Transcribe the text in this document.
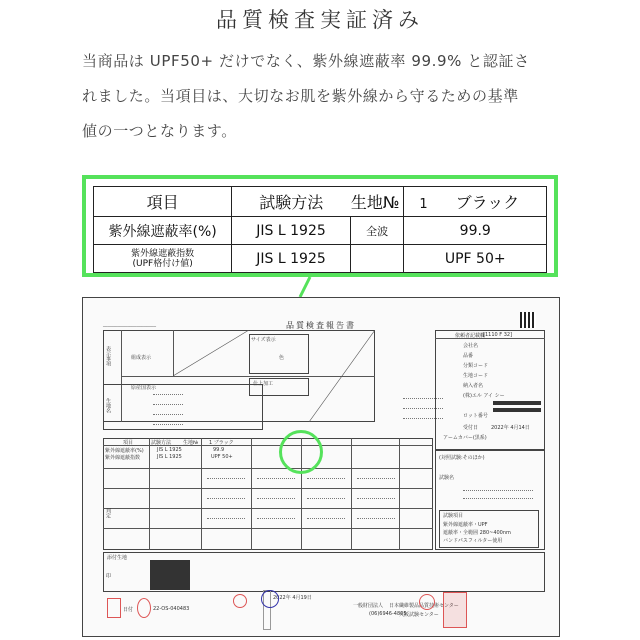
品質検査実証済み
当商品は UPF50+ だけでなく、紫外線遮蔽率 99.9% と認証さ
れました。当項目は、大切なお肌を紫外線から守るための基準
値の一つとなります。
項目	試験方法	生地№	1 ブラック
紫外線遮蔽率(%)	JIS L 1925	全波	99.9

紫外線遮蔽指数
(UPF格付け値)	JIS L 1925		UPF 50+
──────────────────────	品質検査報告書
[1110 F 32]
表示事項	組成表示
原産国表示
サイズ表示
色
仕上加工
生地名
依頼者記載欄
会社名
品番
分類コード
生地コード
納入者名
(株)エル アイ シー
ロット番号
受付日	2022年 4月14日
アームカバー(黒系)
項目	試験方法 生地№ 1 ブラック
紫外線遮蔽率(%)	JIS L 1925	99.9
紫外線遮蔽指数	JIS L 1925	UPF 50+
判定
(対照試験:そのほか)
試験名
試験項目
紫外線遮蔽率・UPF
遮蔽率・全範囲 280~400nm
バンドパスフィルター使用
添付生地
印
2022年 4月19日
22-OS-040483
日付
一般財団法人 日本繊維製品品質技術センター
大阪試験センター
(06)6946-4805
